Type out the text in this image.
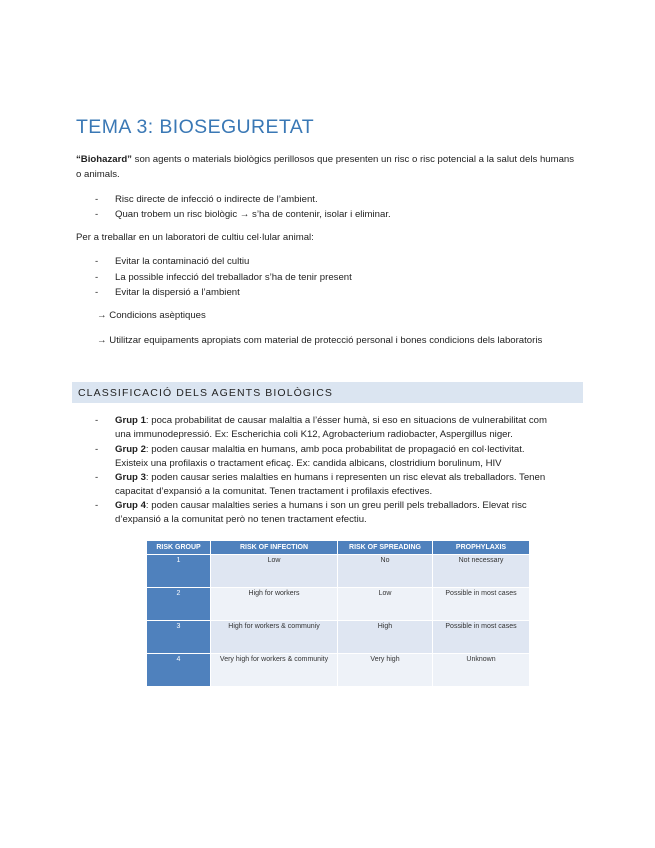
TEMA 3: BIOSEGURETAT
“Biohazard” son agents o materials biològics perillosos que presenten un risc o risc potencial a la salut dels humans o animals.
- Risc directe de infecció o indirecte de l’ambient.
- Quan trobem un risc biològic → s’ha de contenir, isolar i eliminar.
Per a treballar en un laboratori de cultiu cel·lular animal:
- Evitar la contaminació del cultiu
- La possible infecció del treballador s’ha de tenir present
- Evitar la dispersió a l’ambient
→ Condicions asèptiques
→ Utilitzar equipaments apropiats com material de protecció personal i bones condicions dels laboratoris
CLASSIFICACIÓ DELS AGENTS BIOLÒGICS
- Grup 1: poca probabilitat de causar malaltia a l’ésser humà, si eso en situacions de vulnerabilitat com
una immunodepressió. Ex: Escherichia coli K12, Agrobacterium radiobacter, Aspergillus niger.
- Grup 2: poden causar malaltia en humans, amb poca probabilitat de propagació en col·lectivitat.
Existeix una profilaxis o tractament eficaç. Ex: candida albicans, clostridium borulinum, HIV
- Grup 3: poden causar series malalties en humans i representen un risc elevat als treballadors. Tenen
capacitat d’expansió a la comunitat. Tenen tractament i profilaxis efectives.
- Grup 4: poden causar malalties series a humans i son un greu perill pels treballadors. Elevat risc
d’expansió a la comunitat però no tenen tractament efectiu.
RISK GROUP	RISK OF INFECTION	RISK OF SPREADING	PROPHYLAXIS
1	Low	No	Not necessary
2	High for workers	Low	Possible in most cases
3	High for workers & communiy	High	Possible in most cases
4	Very high for workers & community	Very high	Unknown
